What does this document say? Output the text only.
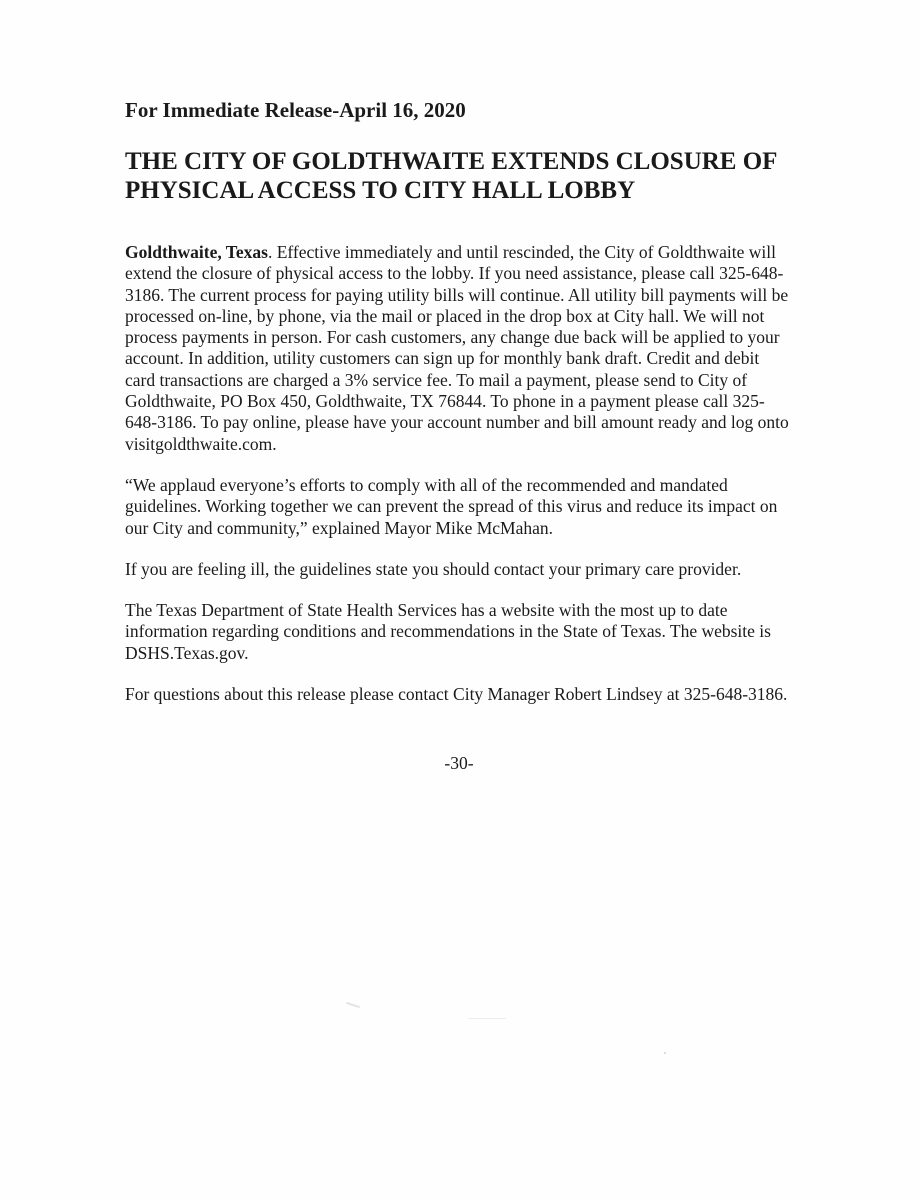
For Immediate Release-April 16, 2020

THE CITY OF GOLDTHWAITE EXTENDS CLOSURE OF PHYSICAL ACCESS TO CITY HALL LOBBY

Goldthwaite, Texas. Effective immediately and until rescinded, the City of Goldthwaite will extend the closure of physical access to the lobby. If you need assistance, please call 325-648-3186. The current process for paying utility bills will continue. All utility bill payments will be processed on-line, by phone, via the mail or placed in the drop box at City hall. We will not process payments in person. For cash customers, any change due back will be applied to your account. In addition, utility customers can sign up for monthly bank draft. Credit and debit card transactions are charged a 3% service fee. To mail a payment, please send to City of Goldthwaite, PO Box 450, Goldthwaite, TX 76844. To phone in a payment please call 325-648-3186. To pay online, please have your account number and bill amount ready and log onto visitgoldthwaite.com.

“We applaud everyone’s efforts to comply with all of the recommended and mandated guidelines. Working together we can prevent the spread of this virus and reduce its impact on our City and community,” explained Mayor Mike McMahan.

If you are feeling ill, the guidelines state you should contact your primary care provider.

The Texas Department of State Health Services has a website with the most up to date information regarding conditions and recommendations in the State of Texas. The website is DSHS.Texas.gov.

For questions about this release please contact City Manager Robert Lindsey at 325-648-3186.

-30-
